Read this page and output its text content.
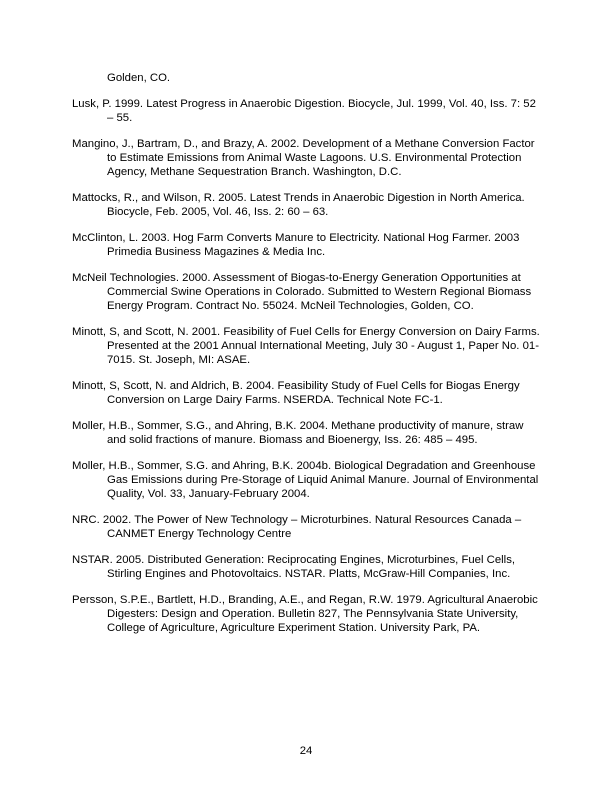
Golden, CO.

Lusk, P. 1999. Latest Progress in Anaerobic Digestion. Biocycle, Jul. 1999, Vol. 40, Iss. 7: 52 – 55.

Mangino, J., Bartram, D., and Brazy, A. 2002. Development of a Methane Conversion Factor to Estimate Emissions from Animal Waste Lagoons. U.S. Environmental Protection Agency, Methane Sequestration Branch. Washington, D.C.

Mattocks, R., and Wilson, R. 2005. Latest Trends in Anaerobic Digestion in North America. Biocycle, Feb. 2005, Vol. 46, Iss. 2: 60 – 63.

McClinton, L. 2003. Hog Farm Converts Manure to Electricity. National Hog Farmer. 2003 Primedia Business Magazines & Media Inc.

McNeil Technologies. 2000. Assessment of Biogas-to-Energy Generation Opportunities at Commercial Swine Operations in Colorado. Submitted to Western Regional Biomass Energy Program. Contract No. 55024. McNeil Technologies, Golden, CO.

Minott, S, and Scott, N. 2001. Feasibility of Fuel Cells for Energy Conversion on Dairy Farms. Presented at the 2001 Annual International Meeting, July 30 - August 1, Paper No. 01-7015. St. Joseph, MI: ASAE.

Minott, S, Scott, N. and Aldrich, B. 2004. Feasibility Study of Fuel Cells for Biogas Energy Conversion on Large Dairy Farms. NSERDA. Technical Note FC-1.

Moller, H.B., Sommer, S.G., and Ahring, B.K. 2004. Methane productivity of manure, straw and solid fractions of manure. Biomass and Bioenergy, Iss. 26: 485 – 495.

Moller, H.B., Sommer, S.G. and Ahring, B.K. 2004b. Biological Degradation and Greenhouse Gas Emissions during Pre-Storage of Liquid Animal Manure. Journal of Environmental Quality, Vol. 33, January-February 2004.

NRC. 2002. The Power of New Technology – Microturbines. Natural Resources Canada – CANMET Energy Technology Centre

NSTAR. 2005. Distributed Generation: Reciprocating Engines, Microturbines, Fuel Cells, Stirling Engines and Photovoltaics. NSTAR. Platts, McGraw-Hill Companies, Inc.

Persson, S.P.E., Bartlett, H.D., Branding, A.E., and Regan, R.W. 1979. Agricultural Anaerobic Digesters: Design and Operation. Bulletin 827, The Pennsylvania State University, College of Agriculture, Agriculture Experiment Station. University Park, PA.

24
